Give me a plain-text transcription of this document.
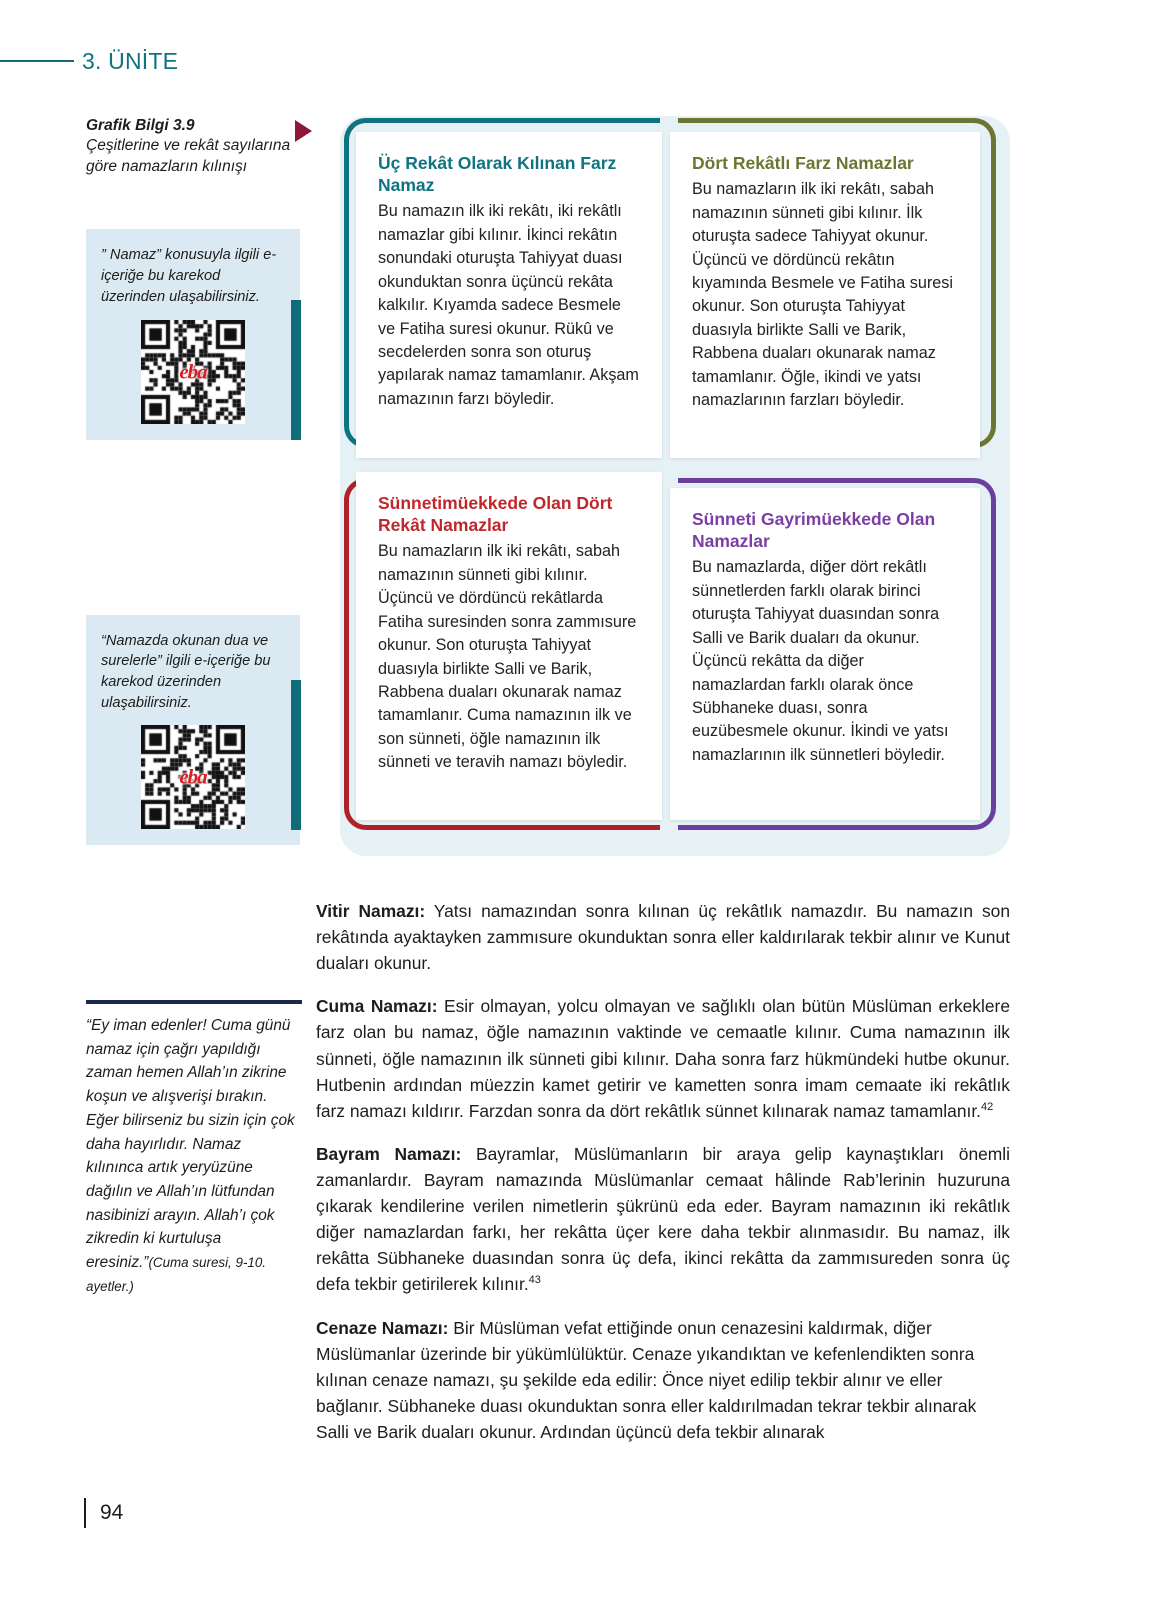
3. ÜNİTE
Grafik Bilgi 3.9
Çeşitlerine ve rekât sayılarına göre namazların kılınışı
” Namaz” konusuyla ilgili e-içeriğe bu karekod üzerinden ulaşabilirsiniz.
eba
“Namazda okunan dua ve surelerle” ilgili e-içeriğe bu karekod üzerinden ulaşabilirsiniz.
eba
“Ey iman edenler! Cuma günü namaz için çağrı yapıldığı zaman hemen Allah’ın zikrine koşun ve alışverişi bırakın. Eğer bilirseniz bu sizin için çok daha hayırlıdır. Namaz kılınınca artık yeryüzüne dağılın ve Allah’ın lütfundan nasibinizi arayın. Allah’ı çok zikredin ki kurtuluşa eresiniz.”(Cuma suresi, 9-10. ayetler.)
Üç Rekât Olarak Kılınan Farz Namaz
Bu namazın ilk iki rekâtı, iki rekâtlı namazlar gibi kılınır. İkinci rekâtın sonundaki oturuşta Tahiyyat duası okunduktan sonra üçüncü rekâta kalkılır. Kıyamda sadece Besmele ve Fatiha suresi okunur. Rükû ve secdelerden sonra son oturuş yapılarak namaz tamamlanır. Akşam namazının farzı böyledir.
Dört Rekâtlı Farz Namazlar
Bu namazların ilk iki rekâtı, sabah namazının sünneti gibi kılınır. İlk oturuşta sadece Tahiyyat okunur. Üçüncü ve dördüncü rekâtın kıyamında Besmele ve Fatiha suresi okunur. Son oturuşta Tahiyyat duasıyla birlikte Salli ve Barik, Rabbena duaları okunarak namaz tamamlanır. Öğle, ikindi ve yatsı namazlarının farzları böyledir.
Sünnetimüekkede Olan Dört Rekât Namazlar
Bu namazların ilk iki rekâtı, sabah namazının sünneti gibi kılınır. Üçüncü ve dördüncü rekâtlarda Fatiha suresinden sonra zammısure okunur. Son oturuşta Tahiyyat duasıyla birlikte Salli ve Barik, Rabbena duaları okunarak namaz tamamlanır. Cuma namazının ilk ve son sünneti, öğle namazının ilk sünneti ve teravih namazı böyledir.
Sünneti Gayrimüekkede Olan Namazlar
Bu namazlarda, diğer dört rekâtlı sünnetlerden farklı olarak birinci oturuşta Tahiyyat duasından sonra Salli ve Barik duaları da okunur. Üçüncü rekâtta da diğer namazlardan farklı olarak önce Sübhaneke duası, sonra euzübesmele okunur. İkindi ve yatsı namazlarının ilk sünnetleri böyledir.

Vitir Namazı: Yatsı namazından sonra kılınan üç rekâtlık namazdır. Bu namazın son rekâtında ayaktayken zammısure okunduktan sonra eller kaldırılarak tekbir alınır ve Kunut duaları okunur.

Cuma Namazı: Esir olmayan, yolcu olmayan ve sağlıklı olan bütün Müslüman erkeklere farz olan bu namaz, öğle namazının vaktinde ve cemaatle kılınır. Cuma namazının ilk sünneti, öğle namazının ilk sünneti gibi kılınır. Daha sonra farz hükmündeki hutbe okunur. Hutbenin ardından müezzin kamet getirir ve kametten sonra imam cemaate iki rekâtlık farz namazı kıldırır. Farzdan sonra da dört rekâtlık sünnet kılınarak namaz tamamlanır.$^{42}$

Bayram Namazı: Bayramlar, Müslümanların bir araya gelip kaynaştıkları önemli zamanlardır. Bayram namazında Müslümanlar cemaat hâlinde Rab’lerinin huzuruna çıkarak kendilerine verilen nimetlerin şükrünü eda eder. Bayram namazının iki rekâtlık diğer namazlardan farkı, her rekâtta üçer kere daha tekbir alınmasıdır. Bu namaz, ilk rekâtta Sübhaneke duasından sonra üç defa, ikinci rekâtta da zammısureden sonra üç defa tekbir getirilerek kılınır.$^{43}$

Cenaze Namazı: Bir Müslüman vefat ettiğinde onun cenazesini kaldırmak, diğer Müslümanlar üzerinde bir yükümlülüktür. Cenaze yıkandıktan ve kefenlendikten sonra kılınan cenaze namazı, şu şekilde eda edilir: Önce niyet edilip tekbir alınır ve eller bağlanır. Sübhaneke duası okunduktan sonra eller kaldırılmadan tekrar tekbir alınarak Salli ve Barik duaları okunur. Ardından üçüncü defa tekbir alınarak

94
